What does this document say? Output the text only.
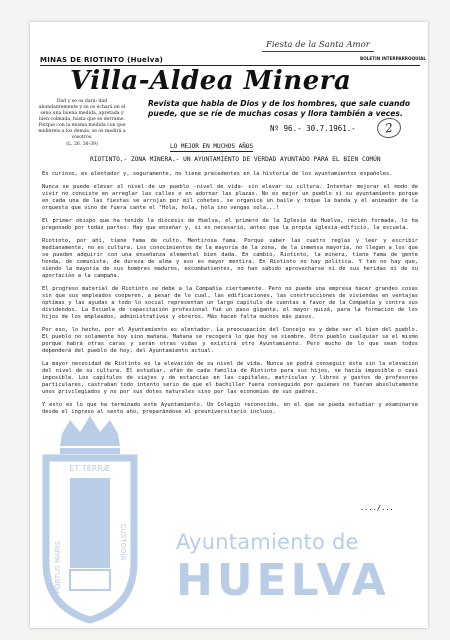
ET TERRÆ
PORTUS MARIS	CUSTODIA Ayuntamiento de
HUELVA
MINAS DE RIOTINTO (Huelva)
Fiesta de la Santa Amor
BOLETIN INTERPARROQUIAL
Villa-Aldea Minera
Dad y se os dará: dad abundantemente y se os echará en el seno una buena medida, apretada y bien colmada, hasta que se derrame. Porque con la misma medida con que midiereis a los demás, se os medirá a vosotros.
(L. 26. 38-39)
Revista que habla de Dios y de los hombres, que sale cuando puede, que se ríe de muchas cosas y llora también a veces.
Nº 96.- 30.7.1961.-	2
LO MEJOR EN MUCHOS AÑOS
RIOTINTO.- ZONA MINERA.- UN AYUNTAMIENTO DE VERDAD AYUNTADO PARA EL BIEN COMÚN

Es curioso, es alentador y, seguramente, no tiene precedentes en la historia de los ayuntamientos españoles.

Nunca se puede elevar el nivel de un pueblo -nivel de vida- sin elevar su cultura. Intentar mejorar el modo de vivir no consiste en arreglar las calles o en adornar las plazas. No es mejor un pueblo si su ayuntamiento porque en cada una de las fiestas se arrojan por mil cohetes, se organice un baile y toque la banda y el animador de la orquesta que vino de fuera cante el "Hola, hola, hola ino vengas sola...!

El primer obispo que ha tenido la diócesis de Huelva, el primero de la Iglesia de Huelva, recién formada, lo ha pregonado por todas partes: Hay que enseñar y, si es necesario, antes que la propia iglesia-edificio, la escuela.

Riotinto, por ahí, tiene fama de culto. Mentirosa fama. Porque saber las cuatro reglas y leer y escribir medianamente, no es cultura. Los conocimientos de la mayoría de la zona, de la inmensa mayoría, no llegan a los que se pueden adquirir con una enseñanza elemental bien dada. En cambio, Riotinto, la minera, tiene fama de gente honda, de comunista, de dureza de alma y eso es mayor mentira. En Riotinto no hay política. Y tan no hay que, siendo la mayoría de sus hombres maduros, excombatientes, no han sabido aprovecharse ni de sus heridas ni de su aportación a la campaña.

El progreso material de Riotinto se debe a la Compañía ciertamente. Pero no puede una empresa hacer grandes cosas sin que sus empleados cooperen, a pesar de lo cual, las edificaciones, las construcciones de viviendas en ventajas óptimas y las ayudas a todo lo social representan un largo capítulo de cuentas a favor de la Compañía y contra sus dividendos. La Escuela de capacitación profesional fué un paso gigante, el mayor quizá, para la formación de los hijos de los empleados, administrativos y obreros. Más hacen falta muchos más pasos.

Por eso, lo hecho, por el Ayuntamiento es alentador. La preocupación del Concejo es y debe ser el bien del pueblo. El pueblo no solamente hoy sino mañana. Mañana se recogerá lo que hoy se siembre. Otro pueblo cualquier se el mismo porque habrá otras caras y serán otras vidas y existirá otro Ayuntamiento. Pero mucho de lo que sean todos dependerá del pueblo de hoy, del Ayuntamiento actual.

La mayor necesidad de Riotinto es la elevación de su nivel de vida. Nunca se podrá conseguir ésta sin la elevación del nivel de su cultura. El estudiar, afán de cada familia de Riotinto para sus hijos, se hacía imposible o casi imposible. Los capítulos de viajes y de estancias en las capitales, matrículas y libros y gastos de profesores particulares, castraban todo intento serio de que el bachiller fuera conseguido por quienes no fueran absolutamente unos privilegiados y no por sus dotes naturales sino por las economías de sus padres.

Y esto es lo que ha terminado este Ayuntamiento. Un Colegio reconocido, en el que se pueda estudiar y examinarse desde el ingreso al sexto año, preparándose el preuniversitario incluso.

..../...
